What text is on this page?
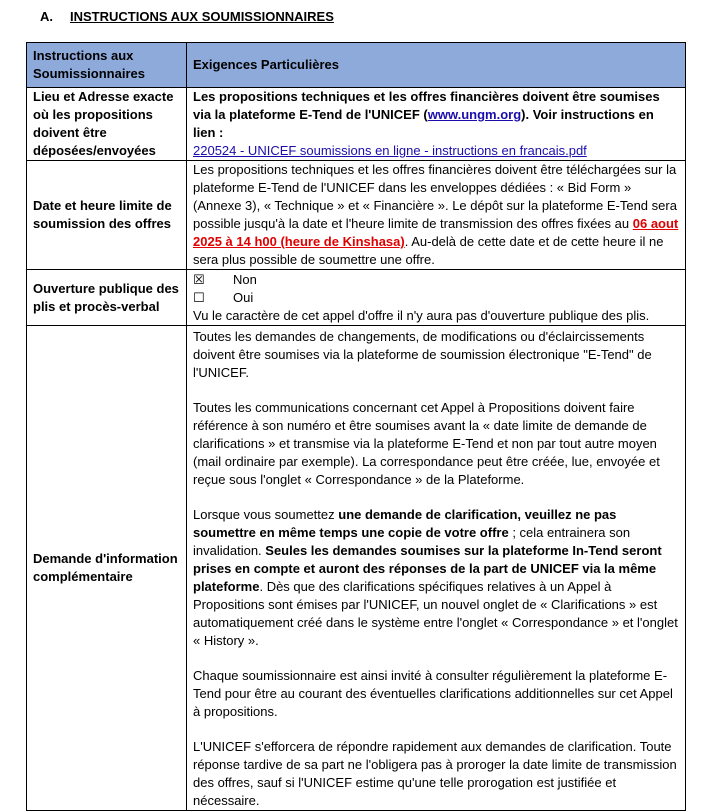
A. INSTRUCTIONS AUX SOUMISSIONNAIRES
Instructions aux Soumissionnaires	Exigences Particulières
Lieu et Adresse exacte où les propositions doivent être déposées/envoyées	Les propositions techniques et les offres financières doivent être soumises via la plateforme E-Tend de l'UNICEF (www.ungm.org). Voir instructions en lien :
220524 - UNICEF soumissions en ligne - instructions en francais.pdf
Date et heure limite de soumission des offres	Les propositions techniques et les offres financières doivent être téléchargées sur la plateforme E-Tend de l'UNICEF dans les enveloppes dédiées : « Bid Form » (Annexe 3), « Technique » et « Financière ». Le dépôt sur la plateforme E-Tend sera possible jusqu'à la date et l'heure limite de transmission des offres fixées au 06 aout 2025 à 14 h00 (heure de Kinshasa). Au-delà de cette date et de cette heure il ne sera plus possible de soumettre une offre.
Ouverture publique des plis et procès-verbal	☒ Non
☐ Oui
Vu le caractère de cet appel d'offre il n'y aura pas d'ouverture publique des plis.

Demande d'information complémentaire	Toutes les demandes de changements, de modifications ou d'éclaircissements doivent être soumises via la plateforme de soumission électronique "E-Tend" de l'UNICEF.

Toutes les communications concernant cet Appel à Propositions doivent faire référence à son numéro et être soumises avant la « date limite de demande de clarifications » et transmise via la plateforme E-Tend et non par tout autre moyen (mail ordinaire par exemple). La correspondance peut être créée, lue, envoyée et reçue sous l'onglet « Correspondance » de la Plateforme.

Lorsque vous soumettez une demande de clarification, veuillez ne pas soumettre en même temps une copie de votre offre ; cela entrainera son invalidation. Seules les demandes soumises sur la plateforme In-Tend seront prises en compte et auront des réponses de la part de UNICEF via la même plateforme. Dès que des clarifications spécifiques relatives à un Appel à Propositions sont émises par l'UNICEF, un nouvel onglet de « Clarifications » est automatiquement créé dans le système entre l'onglet « Correspondance » et l'onglet « History ».

Chaque soumissionnaire est ainsi invité à consulter régulièrement la plateforme E-Tend pour être au courant des éventuelles clarifications additionnelles sur cet Appel à propositions.

L'UNICEF s'efforcera de répondre rapidement aux demandes de clarification. Toute réponse tardive de sa part ne l'obligera pas à proroger la date limite de transmission des offres, sauf si l'UNICEF estime qu'une telle prorogation est justifiée et nécessaire.
